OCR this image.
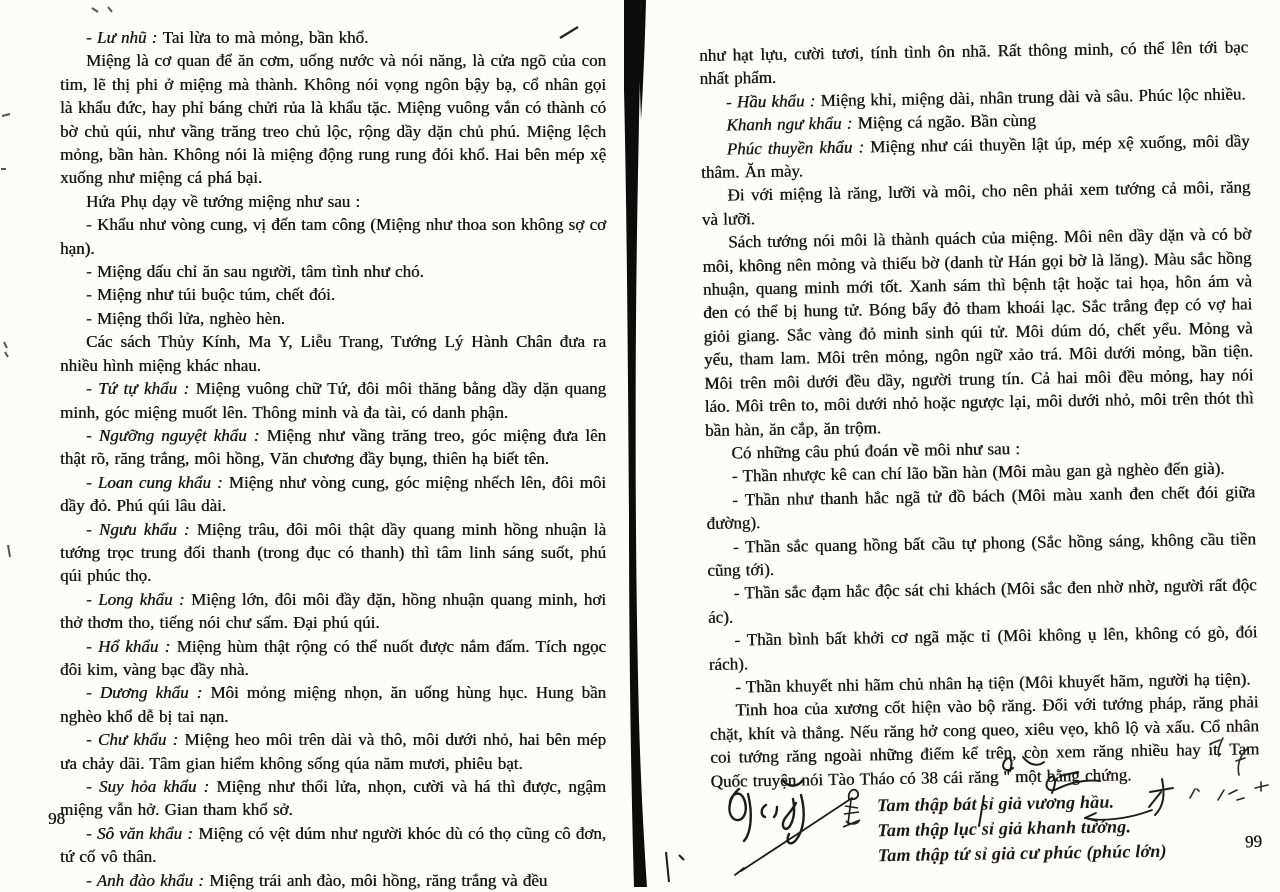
- Lư nhũ : Tai lừa to mà mỏng, bần khổ.

Miệng là cơ quan để ăn cơm, uống nước và nói năng, là cửa ngõ của con tim, lẽ thị phi ở miệng mà thành. Không nói vọng ngôn bậy bạ, cổ nhân gọi là khẩu đức, hay phỉ báng chửi rủa là khẩu tặc. Miệng vuông vắn có thành có bờ chủ qúi, như vầng trăng treo chủ lộc, rộng dầy dặn chủ phú. Miệng lệch mỏng, bần hàn. Không nói là miệng động rung rung đói khổ. Hai bên mép xệ xuống như miệng cá phá bại.

Hứa Phụ dạy về tướng miệng như sau :

- Khẩu như vòng cung, vị đến tam công (Miệng như thoa son không sợ cơ hạn).

- Miệng dấu chỉ ăn sau người, tâm tình như chó.

- Miệng như túi buộc túm, chết đói.

- Miệng thổi lửa, nghèo hèn.

Các sách Thủy Kính, Ma Y, Liễu Trang, Tướng Lý Hành Chân đưa ra nhiều hình miệng khác nhau.

- Tứ tự khẩu : Miệng vuông chữ Tứ, đôi môi thăng bằng dầy dặn quang minh, góc miệng muốt lên. Thông minh và đa tài, có danh phận.

- Ngưỡng nguyệt khẩu : Miệng như vầng trăng treo, góc miệng đưa lên thật rõ, răng trắng, môi hồng, Văn chương đầy bụng, thiên hạ biết tên.

- Loan cung khẩu : Miệng như vòng cung, góc miệng nhếch lên, đôi môi dầy đỏ. Phú qúi lâu dài.

- Ngưu khẩu : Miệng trâu, đôi môi thật dầy quang minh hồng nhuận là tướng trọc trung đối thanh (trong đục có thanh) thì tâm linh sáng suốt, phú qúi phúc thọ.

- Long khẩu : Miệng lớn, đôi môi đầy đặn, hồng nhuận quang minh, hơi thở thơm tho, tiếng nói chư sấm. Đại phú qúi.

- Hổ khẩu : Miệng hùm thật rộng có thể nuốt được nắm đấm. Tích ngọc đôi kim, vàng bạc đầy nhà.

- Dương khẩu : Môi mỏng miệng nhọn, ăn uống hùng hục. Hung bần nghèo khổ dễ bị tai nạn.

- Chư khẩu : Miệng heo môi trên dài và thô, môi dưới nhỏ, hai bên mép ưa chảy dãi. Tâm gian hiểm không sống qúa năm mươi, phiêu bạt.

- Suy hỏa khẩu : Miệng như thổi lửa, nhọn, cười và há thì được, ngậm miệng vẫn hở. Gian tham khổ sở.

- Sô văn khẩu : Miệng có vệt dúm như người khóc dù có thọ cũng cô đơn, tứ cố vô thân.

- Anh đào khẩu : Miệng trái anh đào, môi hồng, răng trắng và đều

98

như hạt lựu, cười tươi, tính tình ôn nhã. Rất thông minh, có thể lên tới bạc nhất phẩm.

- Hầu khẩu : Miệng khỉ, miệng dài, nhân trung dài và sâu. Phúc lộc nhiều.

Khanh ngư khẩu : Miệng cá ngão. Bần cùng

Phúc thuyền khẩu : Miệng như cái thuyền lật úp, mép xệ xuống, môi dầy thâm. Ăn mày.

Đi với miệng là răng, lưỡi và môi, cho nên phải xem tướng cả môi, răng và lưỡi.

Sách tướng nói môi là thành quách của miệng. Môi nên dầy dặn và có bờ môi, không nên mỏng và thiếu bờ (danh từ Hán gọi bờ là lăng). Màu sắc hồng nhuận, quang minh mới tốt. Xanh sám thì bệnh tật hoặc tai họa, hôn ám và đen có thể bị hung tử. Bóng bẩy đỏ tham khoái lạc. Sắc trắng đẹp có vợ hai giỏi giang. Sắc vàng đỏ minh sinh qúi tử. Môi dúm dó, chết yểu. Mỏng và yếu, tham lam. Môi trên mỏng, ngôn ngữ xảo trá. Môi dưới mỏng, bần tiện. Môi trên môi dưới đều dầy, người trung tín. Cả hai môi đều mỏng, hay nói láo. Môi trên to, môi dưới nhỏ hoặc ngược lại, môi dưới nhỏ, môi trên thót thì bần hàn, ăn cắp, ăn trộm.

Có những câu phú đoán về môi như sau :

- Thần nhược kê can chí lão bần hàn (Môi màu gan gà nghèo đến già).

- Thần như thanh hắc ngã tử đồ bách (Môi màu xanh đen chết đói giữa đường).

- Thần sắc quang hồng bất cầu tự phong (Sắc hồng sáng, không cầu tiền cũng tới).

- Thần sắc đạm hắc độc sát chi khách (Môi sắc đen nhờ nhờ, người rất độc ác).

- Thần bình bất khởi cơ ngã mặc tỉ (Môi không ụ lên, không có gò, đói rách).

- Thần khuyết nhi hãm chủ nhân hạ tiện (Môi khuyết hãm, người hạ tiện).

Tinh hoa của xương cốt hiện vào bộ răng. Đối với tướng pháp, răng phải chặt, khít và thẳng. Nếu răng hở cong queo, xiêu vẹo, khô lộ và xấu. Cổ nhân coi tướng răng ngoài những điểm kể trên, còn xem răng nhiều hay ít. Tam Quốc truyện nói Tào Tháo có 38 cái răng '' một bằng chứng.

Tam thập bát sỉ giả vương hầu.
Tam thập lục sỉ giả khanh tướng.
Tam thập tứ sỉ giả cư phúc (phúc lớn)	99
